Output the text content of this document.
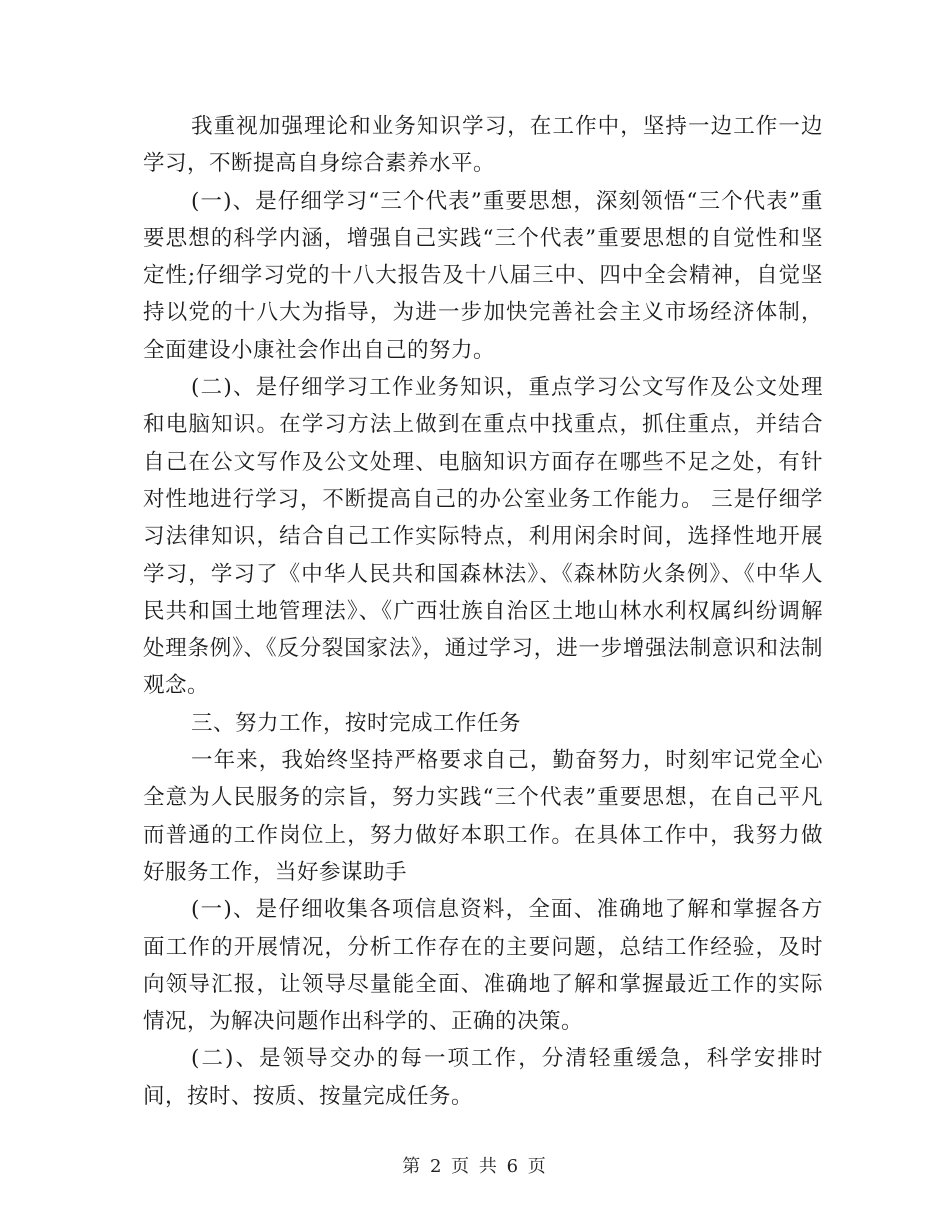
我重视加强理论和业务知识学习，在工作中，坚持一边工作一边学习，不断提高自身综合素养水平。

(一)、是仔细学习“三个代表”重要思想，深刻领悟“三个代表”重要思想的科学内涵，增强自己实践“三个代表”重要思想的自觉性和坚定性;仔细学习党的十八大报告及十八届三中、四中全会精神，自觉坚持以党的十八大为指导，为进一步加快完善社会主义市场经济体制，全面建设小康社会作出自己的努力。

(二)、是仔细学习工作业务知识，重点学习公文写作及公文处理和电脑知识。在学习方法上做到在重点中找重点，抓住重点，并结合自己在公文写作及公文处理、电脑知识方面存在哪些不足之处，有针对性地进行学习，不断提高自己的办公室业务工作能力。 三是仔细学习法律知识，结合自己工作实际特点，利用闲余时间，选择性地开展学习，学习了《中华人民共和国森林法》、《森林防火条例》、《中华人民共和国土地管理法》、《广西壮族自治区土地山林水利权属纠纷调解处理条例》、《反分裂国家法》，通过学习，进一步增强法制意识和法制观念。

三、努力工作，按时完成工作任务

一年来，我始终坚持严格要求自己，勤奋努力，时刻牢记党全心全意为人民服务的宗旨，努力实践“三个代表”重要思想，在自己平凡而普通的工作岗位上，努力做好本职工作。在具体工作中，我努力做好服务工作，当好参谋助手

(一)、是仔细收集各项信息资料，全面、准确地了解和掌握各方面工作的开展情况，分析工作存在的主要问题，总结工作经验，及时向领导汇报，让领导尽量能全面、准确地了解和掌握最近工作的实际情况，为解决问题作出科学的、正确的决策。

(二)、是领导交办的每一项工作，分清轻重缓急，科学安排时间，按时、按质、按量完成任务。

第 2 页 共 6 页
